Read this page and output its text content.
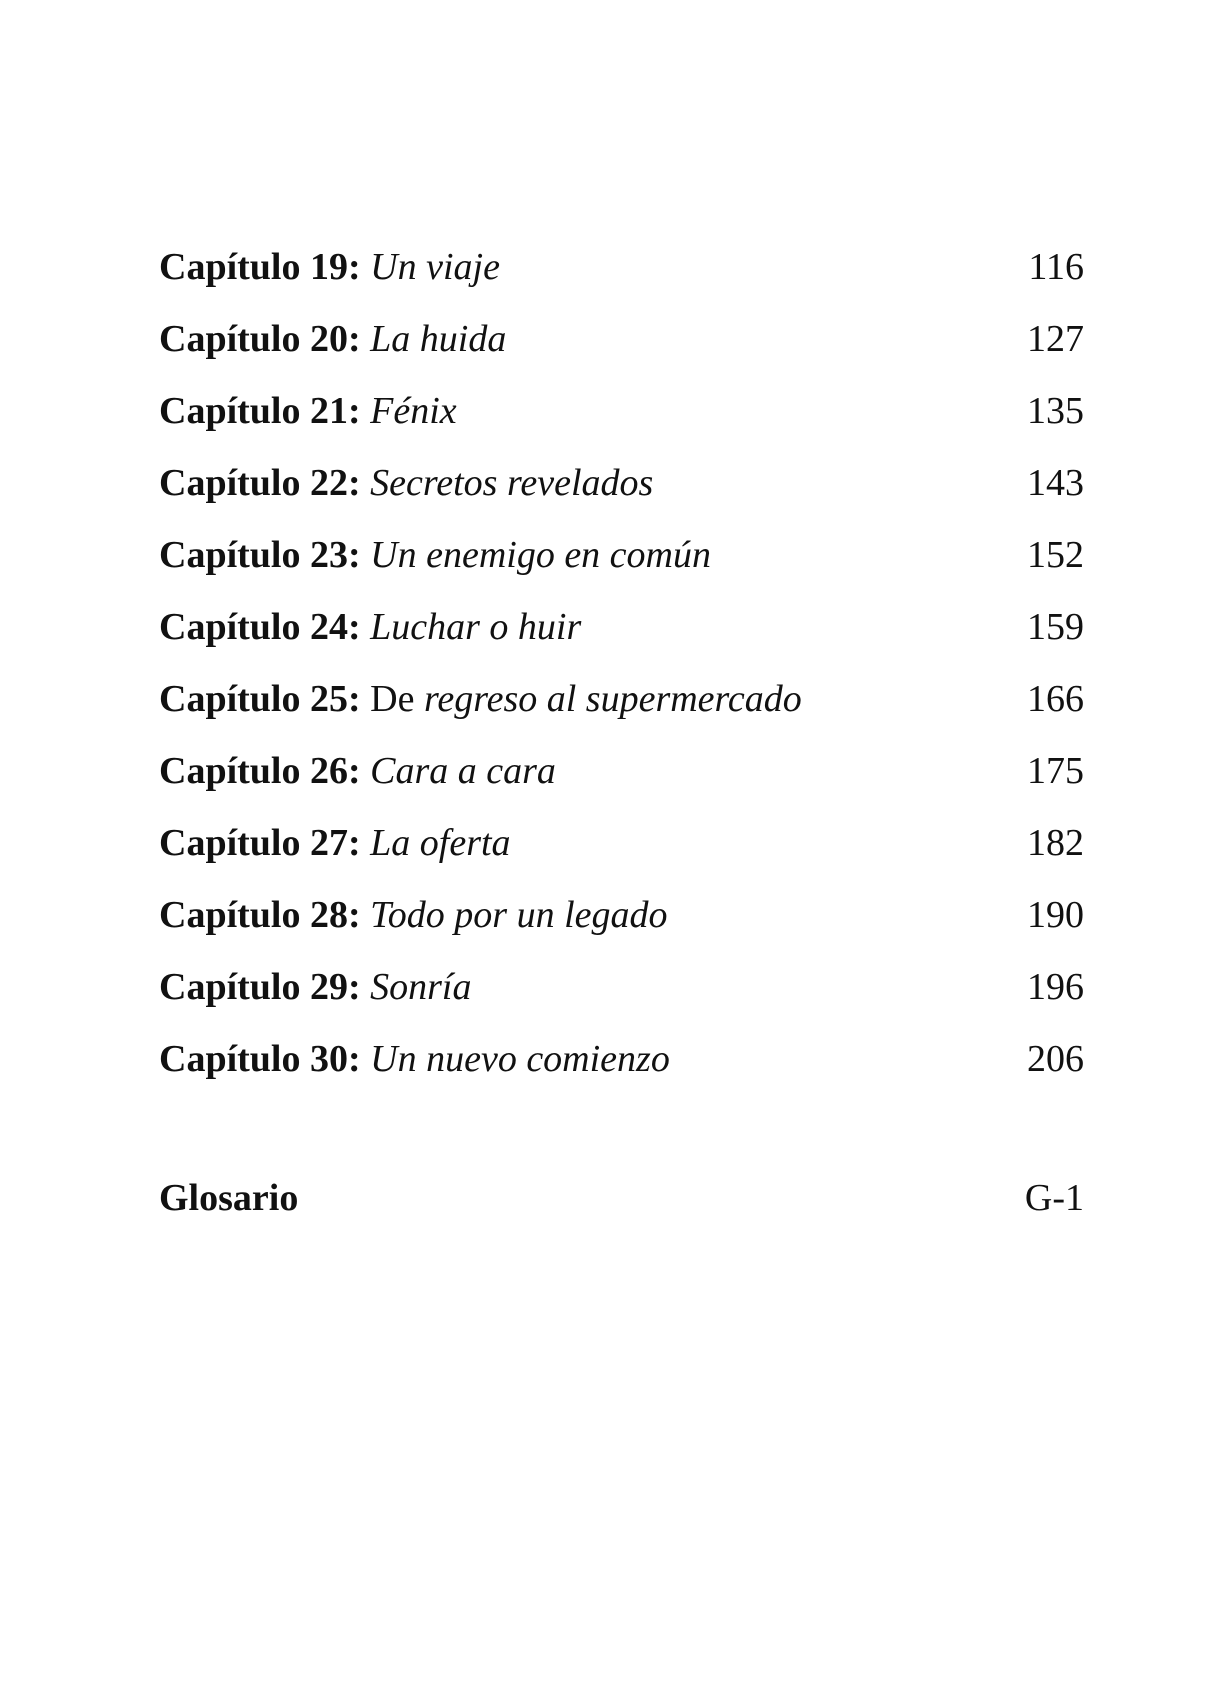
Capítulo 19: Un viaje	116
Capítulo 20: La huida	127
Capítulo 21: Fénix	135
Capítulo 22: Secretos revelados	143
Capítulo 23: Un enemigo en común	152
Capítulo 24: Luchar o huir	159
Capítulo 25: De regreso al supermercado	166
Capítulo 26: Cara a cara	175
Capítulo 27: La oferta	182
Capítulo 28: Todo por un legado	190
Capítulo 29: Sonría	196
Capítulo 30: Un nuevo comienzo	206
Glosario	G-1
